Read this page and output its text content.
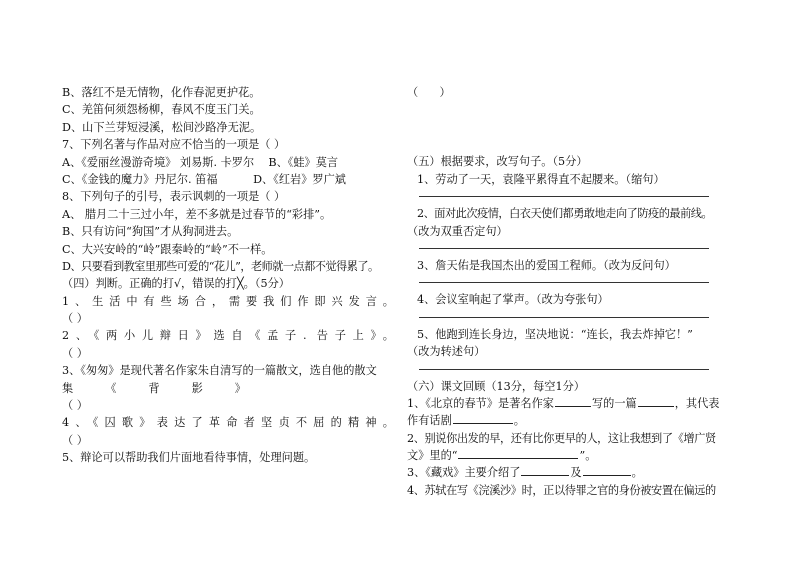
B、落红不是无情物，化作春泥更护花。
C、羌笛何须怨杨柳，春风不度玉门关。
D、山下兰芽短浸溪，松间沙路净无泥。
7、下列名著与作品对应不恰当的一项是（ ）
A、《爱丽丝漫游奇境》 刘易斯. 卡罗尔    B、《蛙》莫言
C、《金钱的魔力》丹尼尔. 笛福          D、《红岩》罗广斌
8、下列句子的引号，表示讽刺的一项是（ ）
A、 腊月二十三过小年，差不多就是过春节的“彩排”。
B、只有访问“狗国”才从狗洞进去。
C、大兴安岭的“岭”跟秦岭的“岭”不一样。
D、只要看到教室里那些可爱的“花儿”，老师就一点都不觉得累了。
（四）判断。正确的打√，错误的打╳。（5分）
1、生活中有些场合，需要我们作即兴发言。
（ ）
2、《两小儿辩日》选自《孟子. 告子上》。
（ ）
3、《匆匆》是现代著名作家朱自清写的一篇散文，选自他的散文
集         《         背         影         》
（ ）
4、《囚歌》表达了革命者坚贞不屈的精神。
（ ）
5、辩论可以帮助我们片面地看待事情，处理问题。
（      ）
（五）根据要求，改写句子。（5分）
1、劳动了一天，袁隆平累得直不起腰来。（缩句）
2、面对此次疫情，白衣天使们都勇敢地走向了防疫的最前线。
（改为双重否定句）
3、詹天佑是我国杰出的爱国工程师。（改为反问句）
4、会议室响起了掌声。（改为夸张句）
5、他跑到连长身边，坚决地说：“连长，我去炸掉它！”
（改为转述句）
（六）课文回顾（13分，每空1分）
1、《北京的春节》是著名作家	写的一篇	，其代表
作有话剧	。
2、别说你出发的早，还有比你更早的人，这让我想到了《增广贤
文》里的“	”。
3、《藏戏》主要介绍了	及	。
4、苏轼在写《浣溪沙》时，正以待罪之官的身份被安置在偏远的
